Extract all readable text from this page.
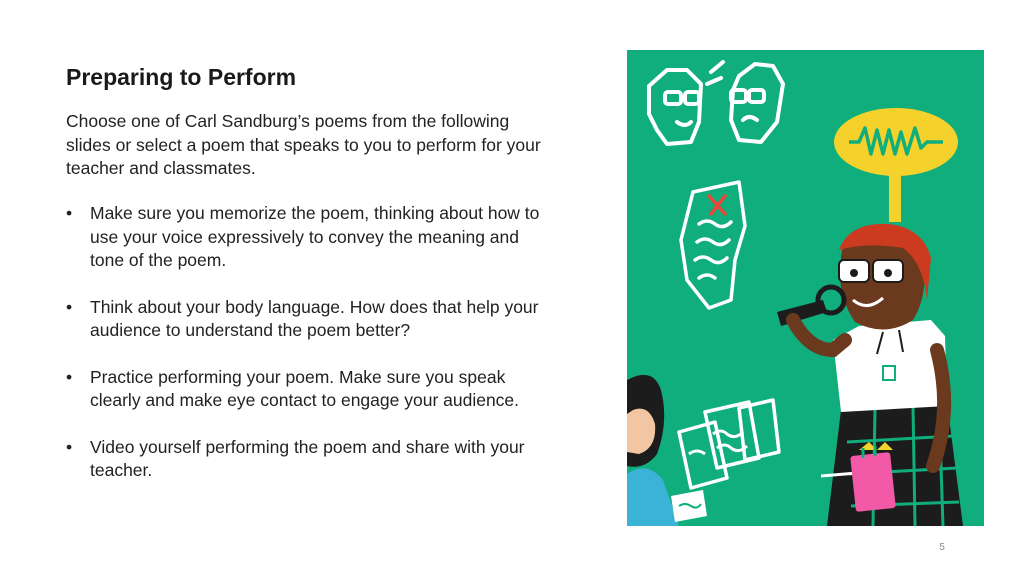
Preparing to Perform

Choose one of Carl Sandburg’s poems from the following slides or select a poem that speaks to you to perform for your teacher and classmates.

• Make sure you memorize the poem, thinking about how to use your voice expressively to convey the meaning and tone of the poem.
• Think about your body language. How does that help your audience to understand the poem better?
• Practice performing your poem. Make sure you speak clearly and make eye contact to engage your audience.
• Video yourself performing the poem and share with your teacher.
5
